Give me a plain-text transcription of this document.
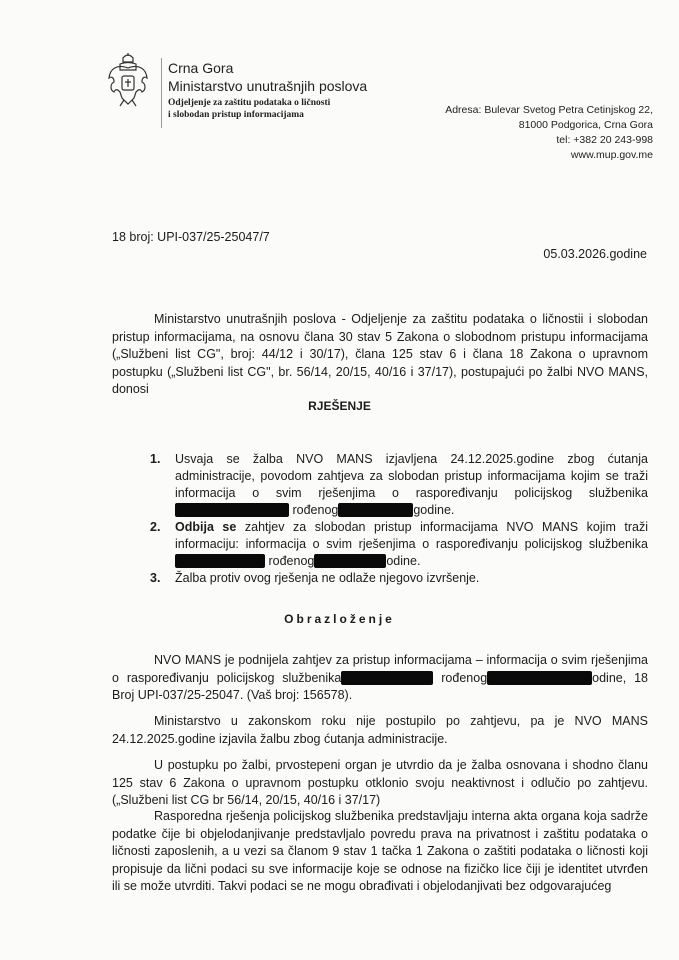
Crna Gora
Ministarstvo unutrašnjih poslova
Odjeljenje za zaštitu podataka o ličnosti
i slobodan pristup informacijama	Adresa: Bulevar Svetog Petra Cetinjskog 22,
81000 Podgorica, Crna Gora
tel: +382 20 243-998
www.mup.gov.me
18 broj: UPI-037/25-25047/7
05.03.2026.godine
Ministarstvo unutrašnjih poslova - Odjeljenje za zaštitu podataka o ličnostii i slobodan pristup informacijama, na osnovu člana 30 stav 5 Zakona o slobodnom pristupu informacijama („Službeni list CG", broj: 44/12 i 30/17), člana 125 stav 6 i člana 18 Zakona o upravnom postupku („Službeni list CG", br. 56/14, 20/15, 40/16 i 37/17), postupajući po žalbi NVO MANS, donosi
RJEŠENJE
1. Usvaja se žalba NVO MANS izjavljena 24.12.2025.godine zbog ćutanja administracije, povodom zahtjeva za slobodan pristup informacijama kojim se traži informacija o svim rješenjima o raspoređivanju policijskog službenika rođenog	godine.
2. Odbija se zahtjev za slobodan pristup informacijama NVO MANS kojim traži informaciju: informacija o svim rješenjima o raspoređivanju policijskog službenika  rođenog	odine.
3. Žalba protiv ovog rješenja ne odlaže njegovo izvršenje.
Obrazloženje
NVO MANS je podnijela zahtjev za pristup informacijama – informacija o svim rješenjima o raspoređivanju policijskog službenika	rođenog	odine, 18 Broj UPI-037/25-25047. (Vaš broj: 156578).
Ministarstvo u zakonskom roku nije postupilo po zahtjevu, pa je NVO MANS 24.12.2025.godine izjavila žalbu zbog ćutanja administracije.
U postupku po žalbi, prvostepeni organ je utvrdio da je žalba osnovana i shodno članu 125 stav 6 Zakona o upravnom postupku otklonio svoju neaktivnost i odlučio po zahtjevu. („Službeni list CG br 56/14, 20/15, 40/16 i 37/17)
Rasporedna rješenja policijskog službenika predstavljaju interna akta organa koja sadrže podatke čije bi objelodanjivanje predstavljalo povredu prava na privatnost i zaštitu podataka o ličnosti zaposlenih, a u vezi sa članom 9 stav 1 tačka 1 Zakona o zaštiti podataka o ličnosti koji propisuje da lični podaci su sve informacije koje se odnose na fizičko lice čiji je identitet utvrđen ili se može utvrditi. Takvi podaci se ne mogu obrađivati i objelodanjivati bez odgovarajućeg
